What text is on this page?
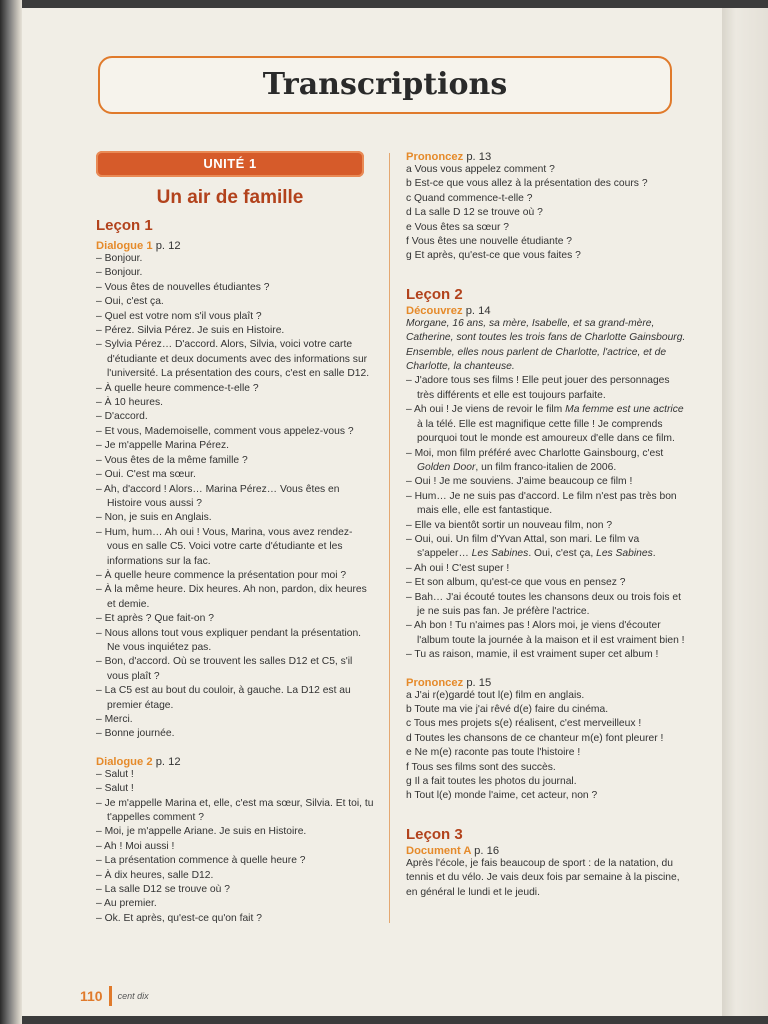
Transcriptions
UNITÉ 1
Un air de famille
Leçon 1
Dialogue 1 p. 12
– Bonjour.
– Bonjour.
– Vous êtes de nouvelles étudiantes ?
– Oui, c'est ça.
– Quel est votre nom s'il vous plaît ?
– Pérez. Silvia Pérez. Je suis en Histoire.
– Sylvia Pérez… D'accord. Alors, Silvia, voici votre carte d'étudiante et deux documents avec des informations sur l'université. La présentation des cours, c'est en salle D12.
– À quelle heure commence-t-elle ?
– À 10 heures.
– D'accord.
– Et vous, Mademoiselle, comment vous appelez-vous ?
– Je m'appelle Marina Pérez.
– Vous êtes de la même famille ?
– Oui. C'est ma sœur.
– Ah, d'accord ! Alors… Marina Pérez… Vous êtes en Histoire vous aussi ?
– Non, je suis en Anglais.
– Hum, hum… Ah oui ! Vous, Marina, vous avez rendez-vous en salle C5. Voici votre carte d'étudiante et les informations sur la fac.
– À quelle heure commence la présentation pour moi ?
– À la même heure. Dix heures. Ah non, pardon, dix heures et demie.
– Et après ? Que fait-on ?
– Nous allons tout vous expliquer pendant la présentation. Ne vous inquiétez pas.
– Bon, d'accord. Où se trouvent les salles D12 et C5, s'il vous plaît ?
– La C5 est au bout du couloir, à gauche. La D12 est au premier étage.
– Merci.
– Bonne journée.
Dialogue 2 p. 12
– Salut !
– Salut !
– Je m'appelle Marina et, elle, c'est ma sœur, Silvia. Et toi, tu t'appelles comment ?
– Moi, je m'appelle Ariane. Je suis en Histoire.
– Ah ! Moi aussi !
– La présentation commence à quelle heure ?
– À dix heures, salle D12.
– La salle D12 se trouve où ?
– Au premier.
– Ok. Et après, qu'est-ce qu'on fait ?
Prononcez p. 13
a Vous vous appelez comment ?
b Est-ce que vous allez à la présentation des cours ?
c Quand commence-t-elle ?
d La salle D 12 se trouve où ?
e Vous êtes sa sœur ?
f Vous êtes une nouvelle étudiante ?
g Et après, qu'est-ce que vous faites ?
Leçon 2
Découvrez p. 14

Morgane, 16 ans, sa mère, Isabelle, et sa grand-mère, Catherine, sont toutes les trois fans de Charlotte Gainsbourg. Ensemble, elles nous parlent de Charlotte, l'actrice, et de Charlotte, la chanteuse.

– J'adore tous ses films ! Elle peut jouer des personnages très différents et elle est toujours parfaite.
– Ah oui ! Je viens de revoir le film Ma femme est une actrice à la télé. Elle est magnifique cette fille ! Je comprends pourquoi tout le monde est amoureux d'elle dans ce film.
– Moi, mon film préféré avec Charlotte Gainsbourg, c'est Golden Door, un film franco-italien de 2006.
– Oui ! Je me souviens. J'aime beaucoup ce film !
– Hum… Je ne suis pas d'accord. Le film n'est pas très bon mais elle, elle est fantastique.
– Elle va bientôt sortir un nouveau film, non ?
– Oui, oui. Un film d'Yvan Attal, son mari. Le film va s'appeler… Les Sabines. Oui, c'est ça, Les Sabines.
– Ah oui ! C'est super !
– Et son album, qu'est-ce que vous en pensez ?
– Bah… J'ai écouté toutes les chansons deux ou trois fois et je ne suis pas fan. Je préfère l'actrice.
– Ah bon ! Tu n'aimes pas ! Alors moi, je viens d'écouter l'album toute la journée à la maison et il est vraiment bien !
– Tu as raison, mamie, il est vraiment super cet album !
Prononcez p. 15
a J'ai r(e)gardé tout l(e) film en anglais.
b Toute ma vie j'ai rêvé d(e) faire du cinéma.
c Tous mes projets s(e) réalisent, c'est merveilleux !
d Toutes les chansons de ce chanteur m(e) font pleurer !
e Ne m(e) raconte pas toute l'histoire !
f Tous ses films sont des succès.
g Il a fait toutes les photos du journal.
h Tout l(e) monde l'aime, cet acteur, non ?
Leçon 3
Document A p. 16

Après l'école, je fais beaucoup de sport : de la natation, du tennis et du vélo. Je vais deux fois par semaine à la piscine, en général le lundi et le jeudi.

110 cent dix
